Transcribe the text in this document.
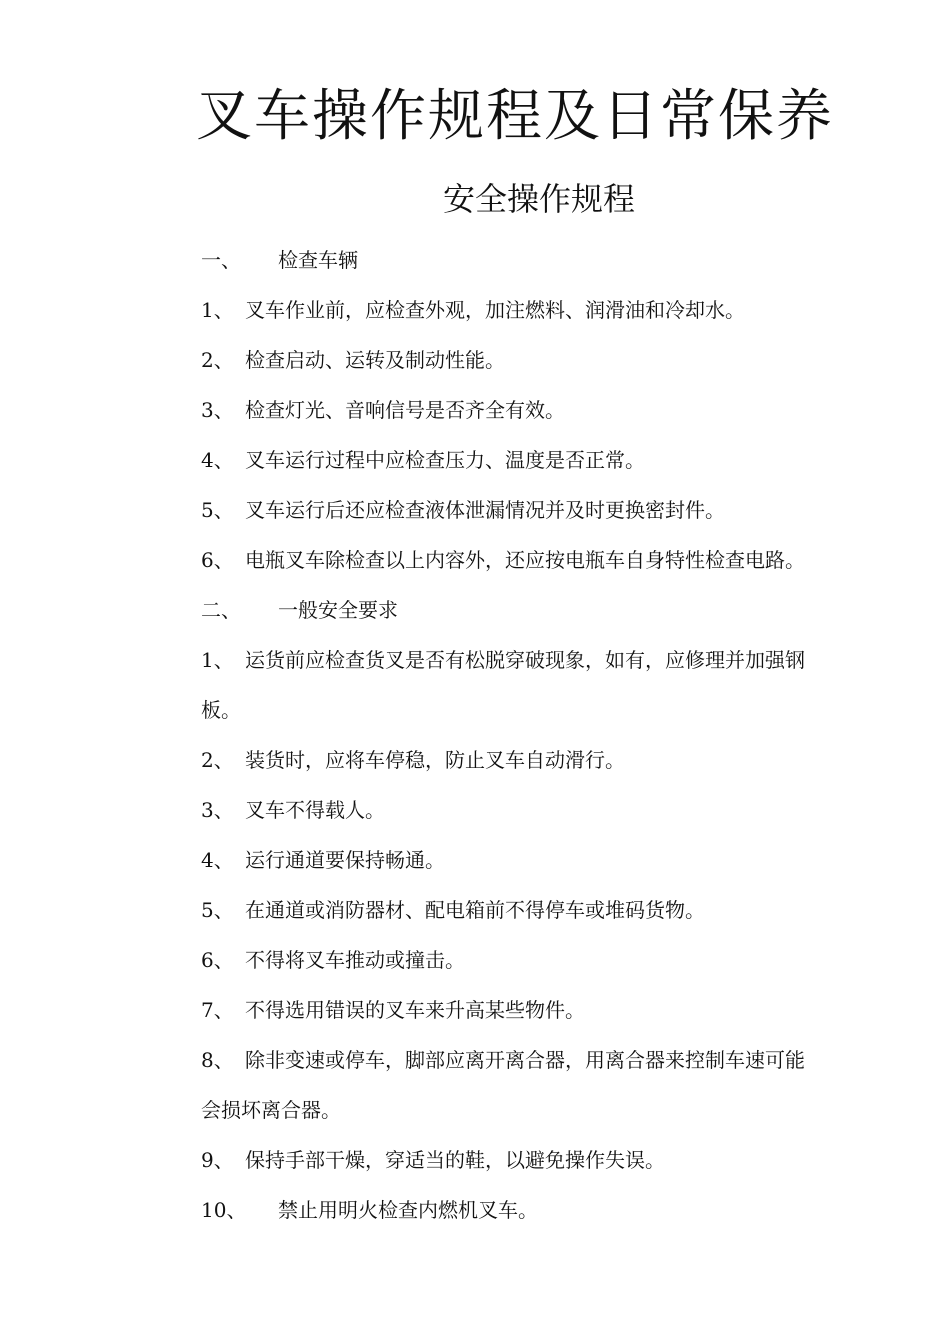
叉车操作规程及日常保养
安全操作规程
一、 检查车辆
1、 叉车作业前，应检查外观，加注燃料、润滑油和冷却水。
2、 检查启动、运转及制动性能。
3、 检查灯光、音响信号是否齐全有效。
4、 叉车运行过程中应检查压力、温度是否正常。
5、 叉车运行后还应检查液体泄漏情况并及时更换密封件。
6、 电瓶叉车除检查以上内容外，还应按电瓶车自身特性检查电路。
二、 一般安全要求
1、 运货前应检查货叉是否有松脱穿破现象，如有，应修理并加强钢
板。
2、 装货时，应将车停稳，防止叉车自动滑行。
3、 叉车不得载人。
4、 运行通道要保持畅通。
5、 在通道或消防器材、配电箱前不得停车或堆码货物。
6、 不得将叉车推动或撞击。
7、 不得选用错误的叉车来升高某些物件。
8、 除非变速或停车，脚部应离开离合器，用离合器来控制车速可能
会损坏离合器。
9、 保持手部干燥，穿适当的鞋，以避免操作失误。
10、 禁止用明火检查内燃机叉车。
